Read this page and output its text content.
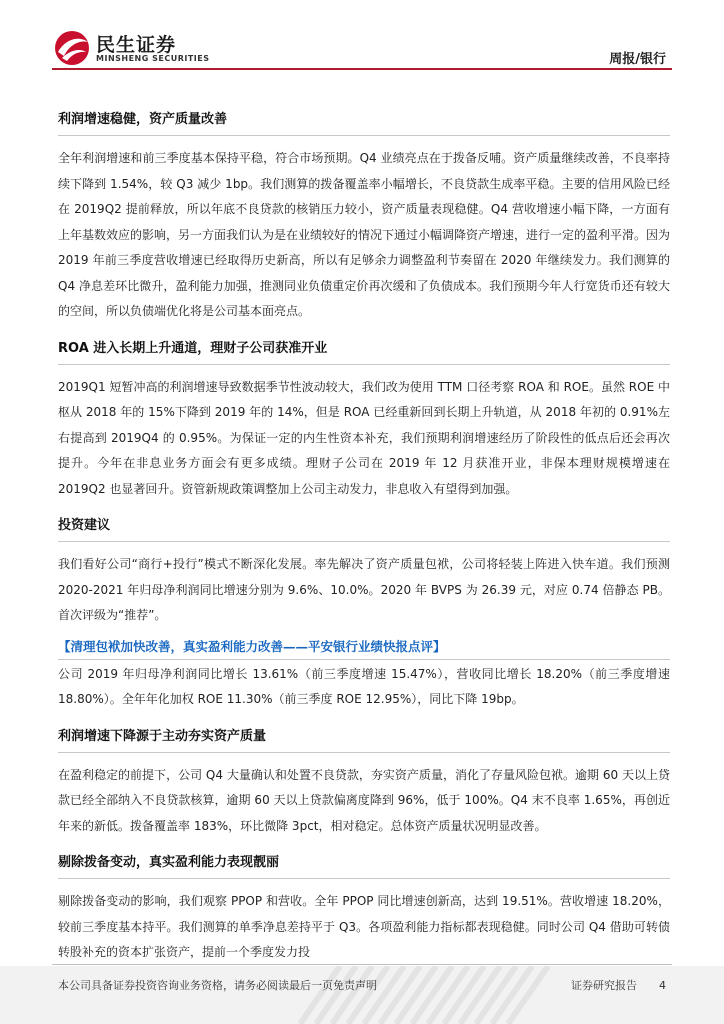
民生证券
MINSHENG SECURITIES	周报/银行
利润增速稳健，资产质量改善

全年利润增速和前三季度基本保持平稳，符合市场预期。Q4 业绩亮点在于拨备反哺。资产质量继续改善，不良率持续下降到 1.54%，较 Q3 减少 1bp。我们测算的拨备覆盖率小幅增长，不良贷款生成率平稳。主要的信用风险已经在 2019Q2 提前释放，所以年底不良贷款的核销压力较小，资产质量表现稳健。Q4 营收增速小幅下降，一方面有上年基数效应的影响，另一方面我们认为是在业绩较好的情况下通过小幅调降资产增速，进行一定的盈利平滑。因为 2019 年前三季度营收增速已经取得历史新高，所以有足够余力调整盈利节奏留在 2020 年继续发力。我们测算的 Q4 净息差环比微升，盈利能力加强，推测同业负债重定价再次缓和了负债成本。我们预期今年人行宽货币还有较大的空间，所以负债端优化将是公司基本面亮点。

ROA 进入长期上升通道，理财子公司获准开业

2019Q1 短暂冲高的利润增速导致数据季节性波动较大，我们改为使用 TTM 口径考察 ROA 和 ROE。虽然 ROE 中枢从 2018 年的 15%下降到 2019 年的 14%，但是 ROA 已经重新回到长期上升轨道，从 2018 年初的 0.91%左右提高到 2019Q4 的 0.95%。为保证一定的内生性资本补充，我们预期利润增速经历了阶段性的低点后还会再次提升。今年在非息业务方面会有更多成绩。理财子公司在 2019 年 12 月获准开业，非保本理财规模增速在 2019Q2 也显著回升。资管新规政策调整加上公司主动发力，非息收入有望得到加强。

投资建议

我们看好公司“商行+投行”模式不断深化发展。率先解决了资产质量包袱，公司将轻装上阵进入快车道。我们预测 2020-2021 年归母净利润同比增速分别为 9.6%、10.0%。2020 年 BVPS 为 26.39 元，对应 0.74 倍静态 PB。首次评级为“推荐”。

【清理包袱加快改善，真实盈利能力改善——平安银行业绩快报点评】

公司 2019 年归母净利润同比增长 13.61%（前三季度增速 15.47%），营收同比增长 18.20%（前三季度增速 18.80%）。全年年化加权 ROE 11.30%（前三季度 ROE 12.95%），同比下降 19bp。

利润增速下降源于主动夯实资产质量

在盈利稳定的前提下，公司 Q4 大量确认和处置不良贷款，夯实资产质量，消化了存量风险包袱。逾期 60 天以上贷款已经全部纳入不良贷款核算，逾期 60 天以上贷款偏离度降到 96%，低于 100%。Q4 末不良率 1.65%，再创近年来的新低。拨备覆盖率 183%，环比微降 3pct，相对稳定。总体资产质量状况明显改善。

剔除拨备变动，真实盈利能力表现靓丽

剔除拨备变动的影响，我们观察 PPOP 和营收。全年 PPOP 同比增速创新高，达到 19.51%。营收增速 18.20%，较前三季度基本持平。我们测算的单季净息差持平于 Q3。各项盈利能力指标都表现稳健。同时公司 Q4 借助可转债转股补充的资本扩张资产，提前一个季度发力投

本公司具备证券投资咨询业务资格，请务必阅读最后一页免责声明	证券研究报告 4
